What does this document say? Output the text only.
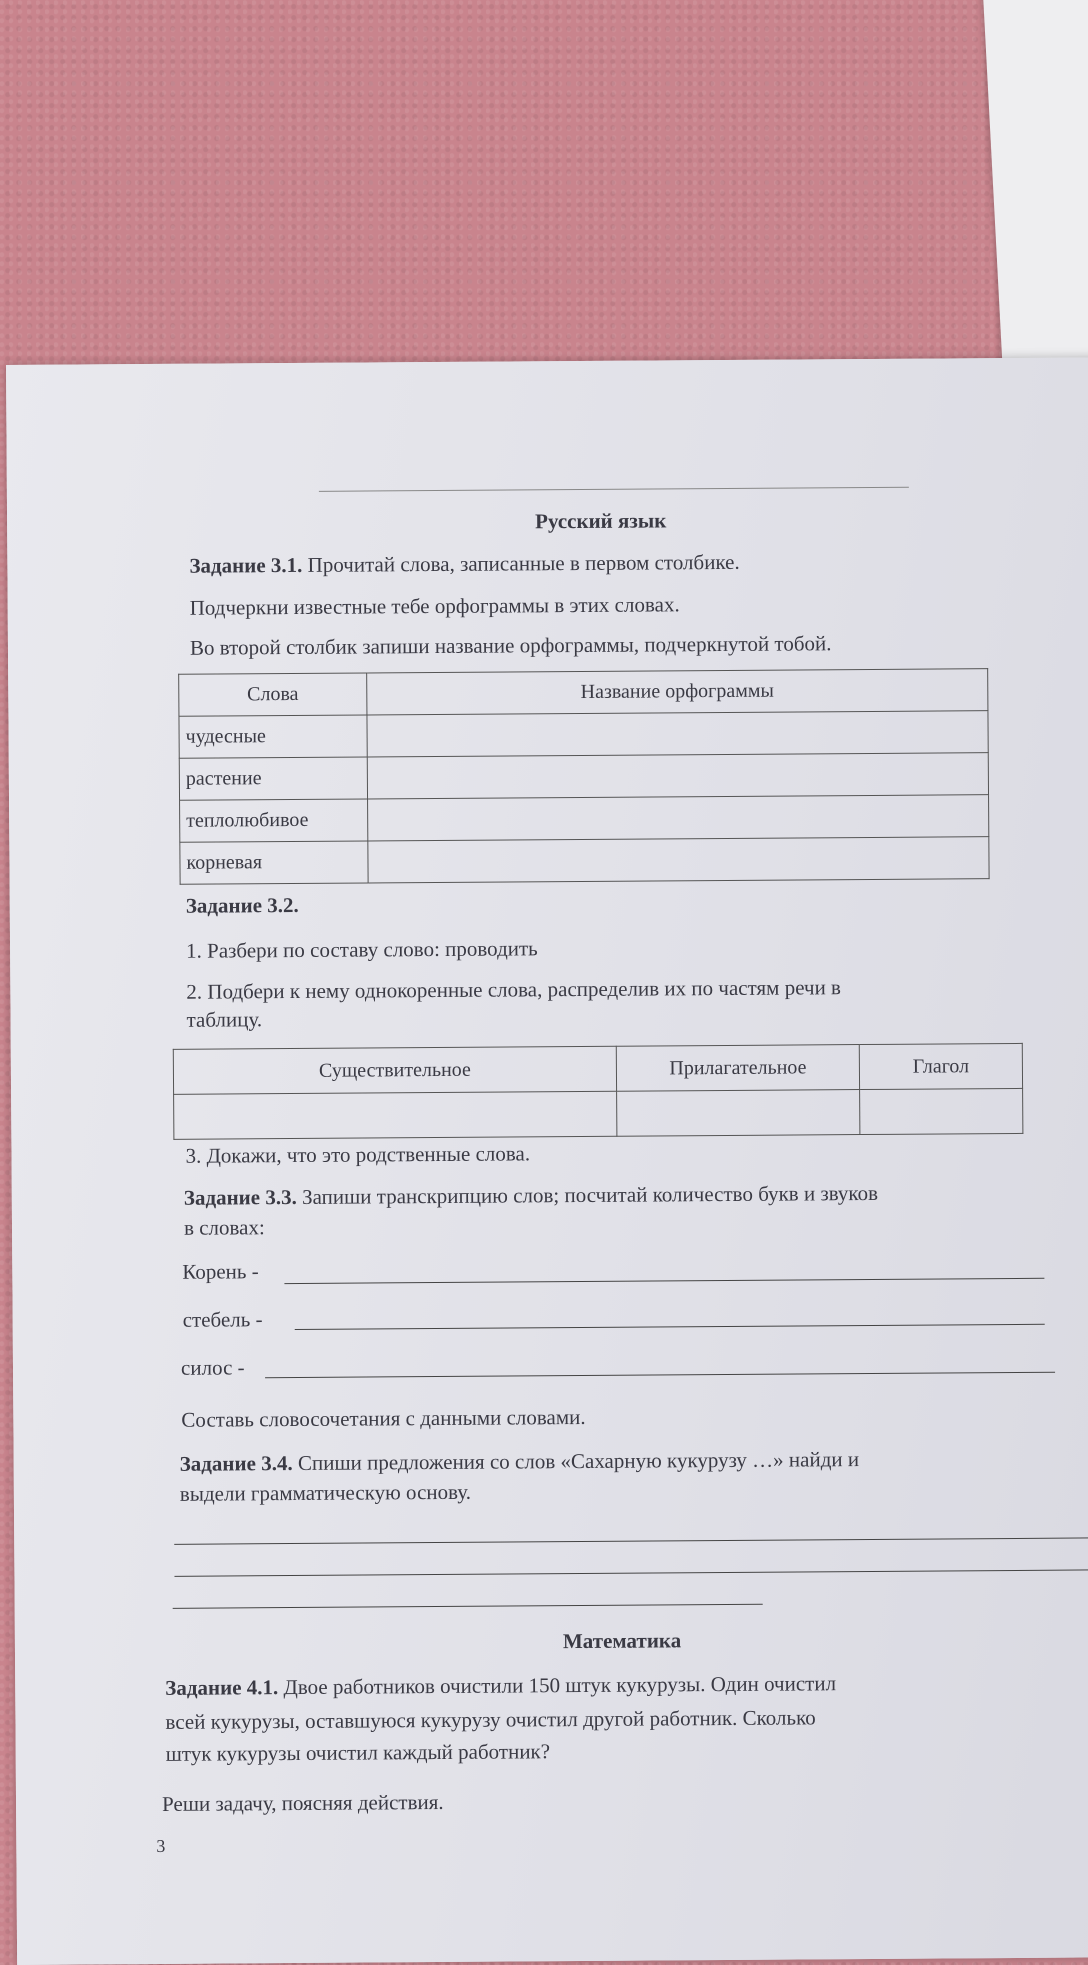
Русский язык
Задание 3.1. Прочитай слова, записанные в первом столбике.
Подчеркни известные тебе орфограммы в этих словах.
Во второй столбик запиши название орфограммы, подчеркнутой тобой.
Слова	Название орфограммы
чудесные	
растение	
теплолюбивое	
корневая	
Задание 3.2.
1. Разбери по составу слово: проводить
2. Подбери к нему однокоренные слова, распределив их по частям речи в
таблицу.
Существительное	Прилагательное	Глагол

3. Докажи, что это родственные слова.
Задание 3.3. Запиши транскрипцию слов; посчитай количество букв и звуков
в словах:
Корень -
стебель -
силос -
Составь словосочетания с данными словами.
Задание 3.4. Спиши предложения со слов «Сахарную кукурузу …» найди и
выдели грамматическую основу.
Математика
Задание 4.1. Двое работников очистили 150 штук кукурузы. Один очистил
всей кукурузы, оставшуюся кукурузу очистил другой работник. Сколько
штук кукурузы очистил каждый работник?
Реши задачу, поясняя действия.
3
